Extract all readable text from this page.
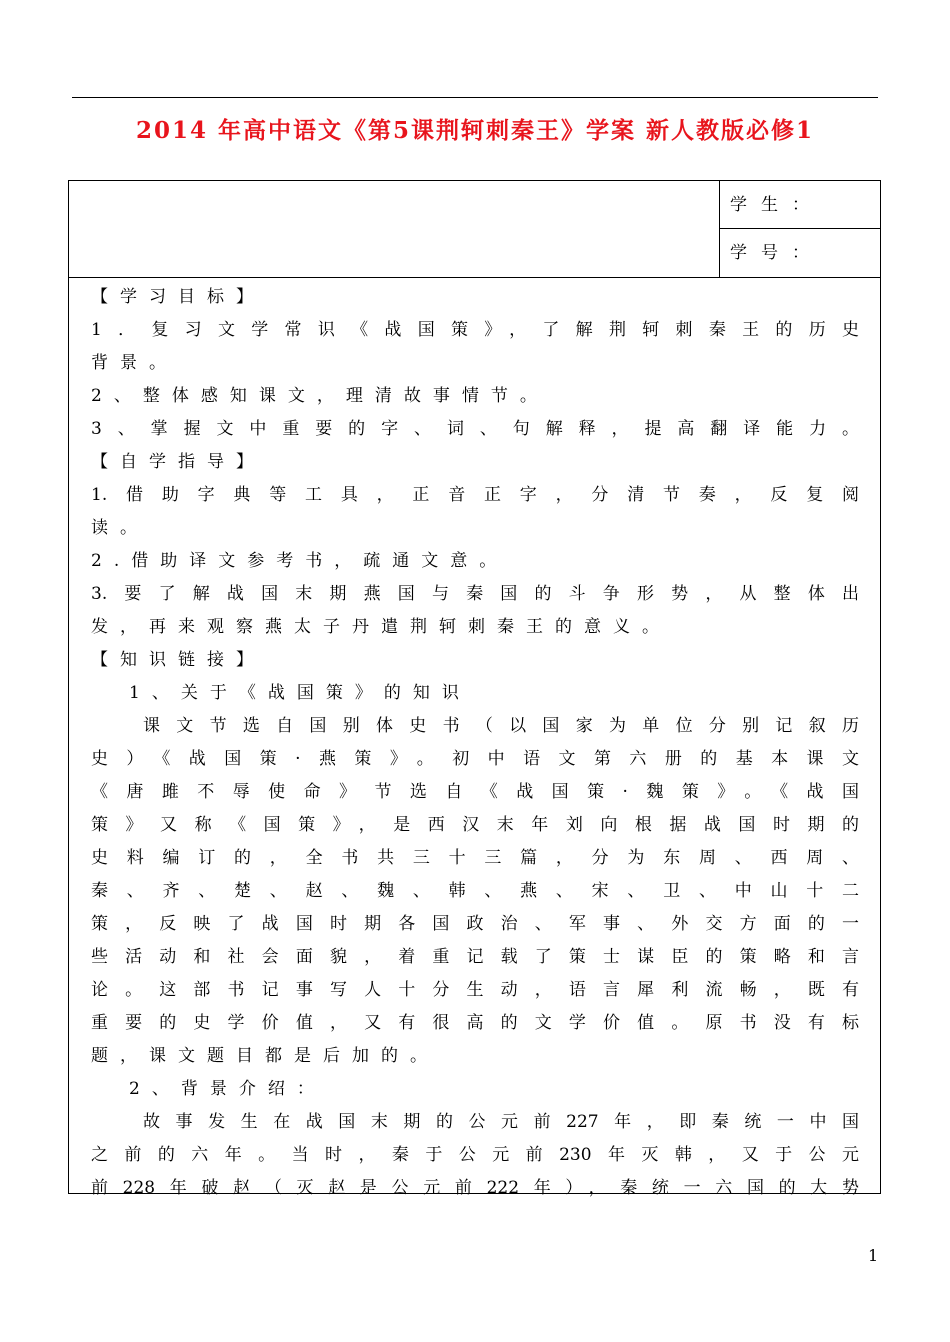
2014 年高中语文《第5课荆轲刺秦王》学案 新人教版必修1
学生：
学号：
【学习目标】
1．复习文学常识《战国策》，了解荆轲刺秦王的历史
背景。
2、整体感知课文，理清故事情节。
3、掌握文中重要的字、词、句解释，提高翻译能力。
【自学指导】
1.借助字典等工具，正音正字，分清节奏，反复阅
读。
2.借助译文参考书，疏通文意。
3.要了解战国末期燕国与秦国的斗争形势，从整体出
发，再来观察燕太子丹遣荆轲刺秦王的意义。
【知识链接】
1、关于《战国策》的知识
课文节选自国别体史书（以国家为单位分别记叙历
史）《战国策·燕策》。初中语文第六册的基本课文
《唐雎不辱使命》节选自《战国策·魏策》。《战国
策》又称《国策》，是西汉末年刘向根据战国时期的
史料编订的，全书共三十三篇，分为东周、西周、
秦、齐、楚、赵、魏、韩、燕、宋、卫、中山十二
策，反映了战国时期各国政治、军事、外交方面的一
些活动和社会面貌，着重记载了策士谋臣的策略和言
论。这部书记事写人十分生动，语言犀利流畅，既有
重要的史学价值，又有很高的文学价值。原书没有标
题，课文题目都是后加的。
2、背景介绍：
故事发生在战国末期的公元前227年，即秦统一中国
之前的六年。当时，秦于公元前230年灭韩，又于公元
前228年破赵（灭赵是公元前222年），秦统一六国的大势
1
